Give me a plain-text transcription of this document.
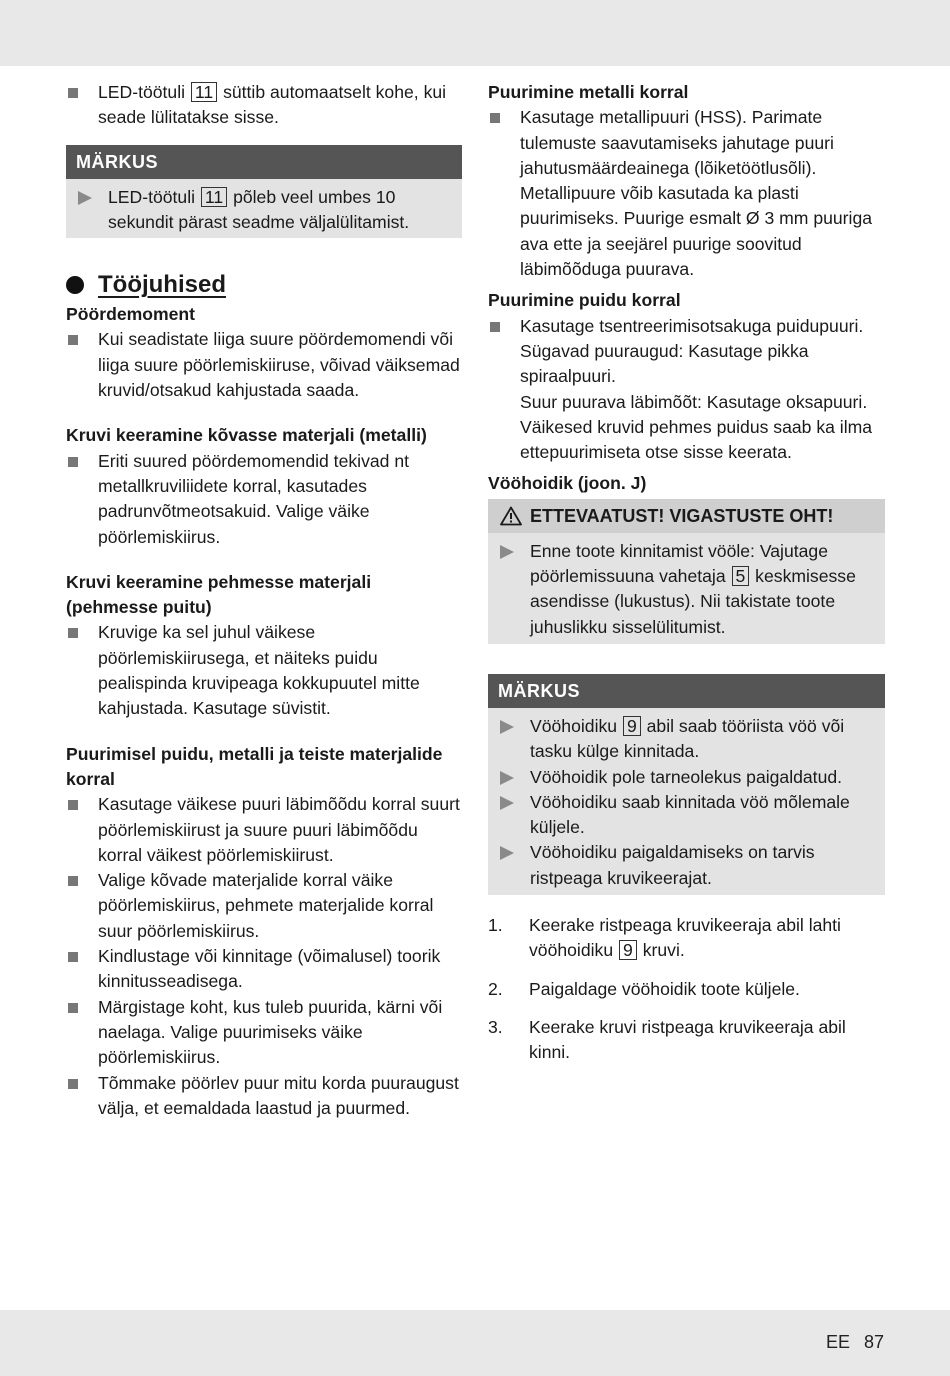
LED-töötuli 11 süttib automaatselt kohe, kui seade lülitatakse sisse.
MÄRKUS
LED-töötuli 11 põleb veel umbes 10 sekundit pärast seadme väljalülitamist.
Tööjuhised
Pöördemoment
Kui seadistate liiga suure pöördemomendi või liiga suure pöörlemiskiiruse, võivad väiksemad kruvid/otsakud kahjustada saada.
Kruvi keeramine kõvasse materjali (metalli)
Eriti suured pöördemomendid tekivad nt metallkruviliidete korral, kasutades padrunvõtmeotsakuid. Valige väike pöörlemiskiirus.
Kruvi keeramine pehmesse materjali (pehmesse puitu)
Kruvige ka sel juhul väikese pöörlemiskiirusega, et näiteks puidu pealispinda kruvipeaga kokkupuutel mitte kahjustada. Kasutage süvistit.
Puurimisel puidu, metalli ja teiste materjalide korral
Kasutage väikese puuri läbimõõdu korral suurt pöörlemiskiirust ja suure puuri läbimõõdu korral väikest pöörlemiskiirust.
Valige kõvade materjalide korral väike pöörlemiskiirus, pehmete materjalide korral suur pöörlemiskiirus.
Kindlustage või kinnitage (võimalusel) toorik kinnitusseadisega.
Märgistage koht, kus tuleb puurida, kärni või naelaga. Valige puurimiseks väike pöörlemiskiirus.
Tõmmake pöörlev puur mitu korda puuraugust välja, et eemaldada laastud ja puurmed.
Puurimine metalli korral
Kasutage metallipuuri (HSS). Parimate tulemuste saavutamiseks jahutage puuri jahutusmäärdeainega (lõiketöötlusõli). Metallipuure võib kasutada ka plasti puurimiseks. Puurige esmalt Ø 3 mm puuriga ava ette ja seejärel puurige soovitud läbimõõduga puurava.
Puurimine puidu korral
Kasutage tsentreerimisotsakuga puidupuuri.
Sügavad puuraugud: Kasutage pikka spiraalpuuri.
Suur puurava läbimõõt: Kasutage oksapuuri. Väikesed kruvid pehmes puidus saab ka ilma ettepuurimiseta otse sisse keerata.
Vööhoidik (joon. J)
ETTEVAATUST! VIGASTUSTE OHT!
Enne toote kinnitamist vööle: Vajutage pöörlemissuuna vahetaja 5 keskmisesse asendisse (lukustus). Nii takistate toote juhuslikku sisselülitumist.
MÄRKUS
Vööhoidiku 9 abil saab tööriista vöö või tasku külge kinnitada.
Vööhoidik pole tarneolekus paigaldatud.
Vööhoidiku saab kinnitada vöö mõlemale küljele.
Vööhoidiku paigaldamiseks on tarvis ristpeaga kruvikeerajat.
1. Keerake ristpeaga kruvikeeraja abil lahti vööhoidiku 9 kruvi.
2. Paigaldage vööhoidik toote küljele.
3. Keerake kruvi ristpeaga kruvikeeraja abil kinni.
EE 87
